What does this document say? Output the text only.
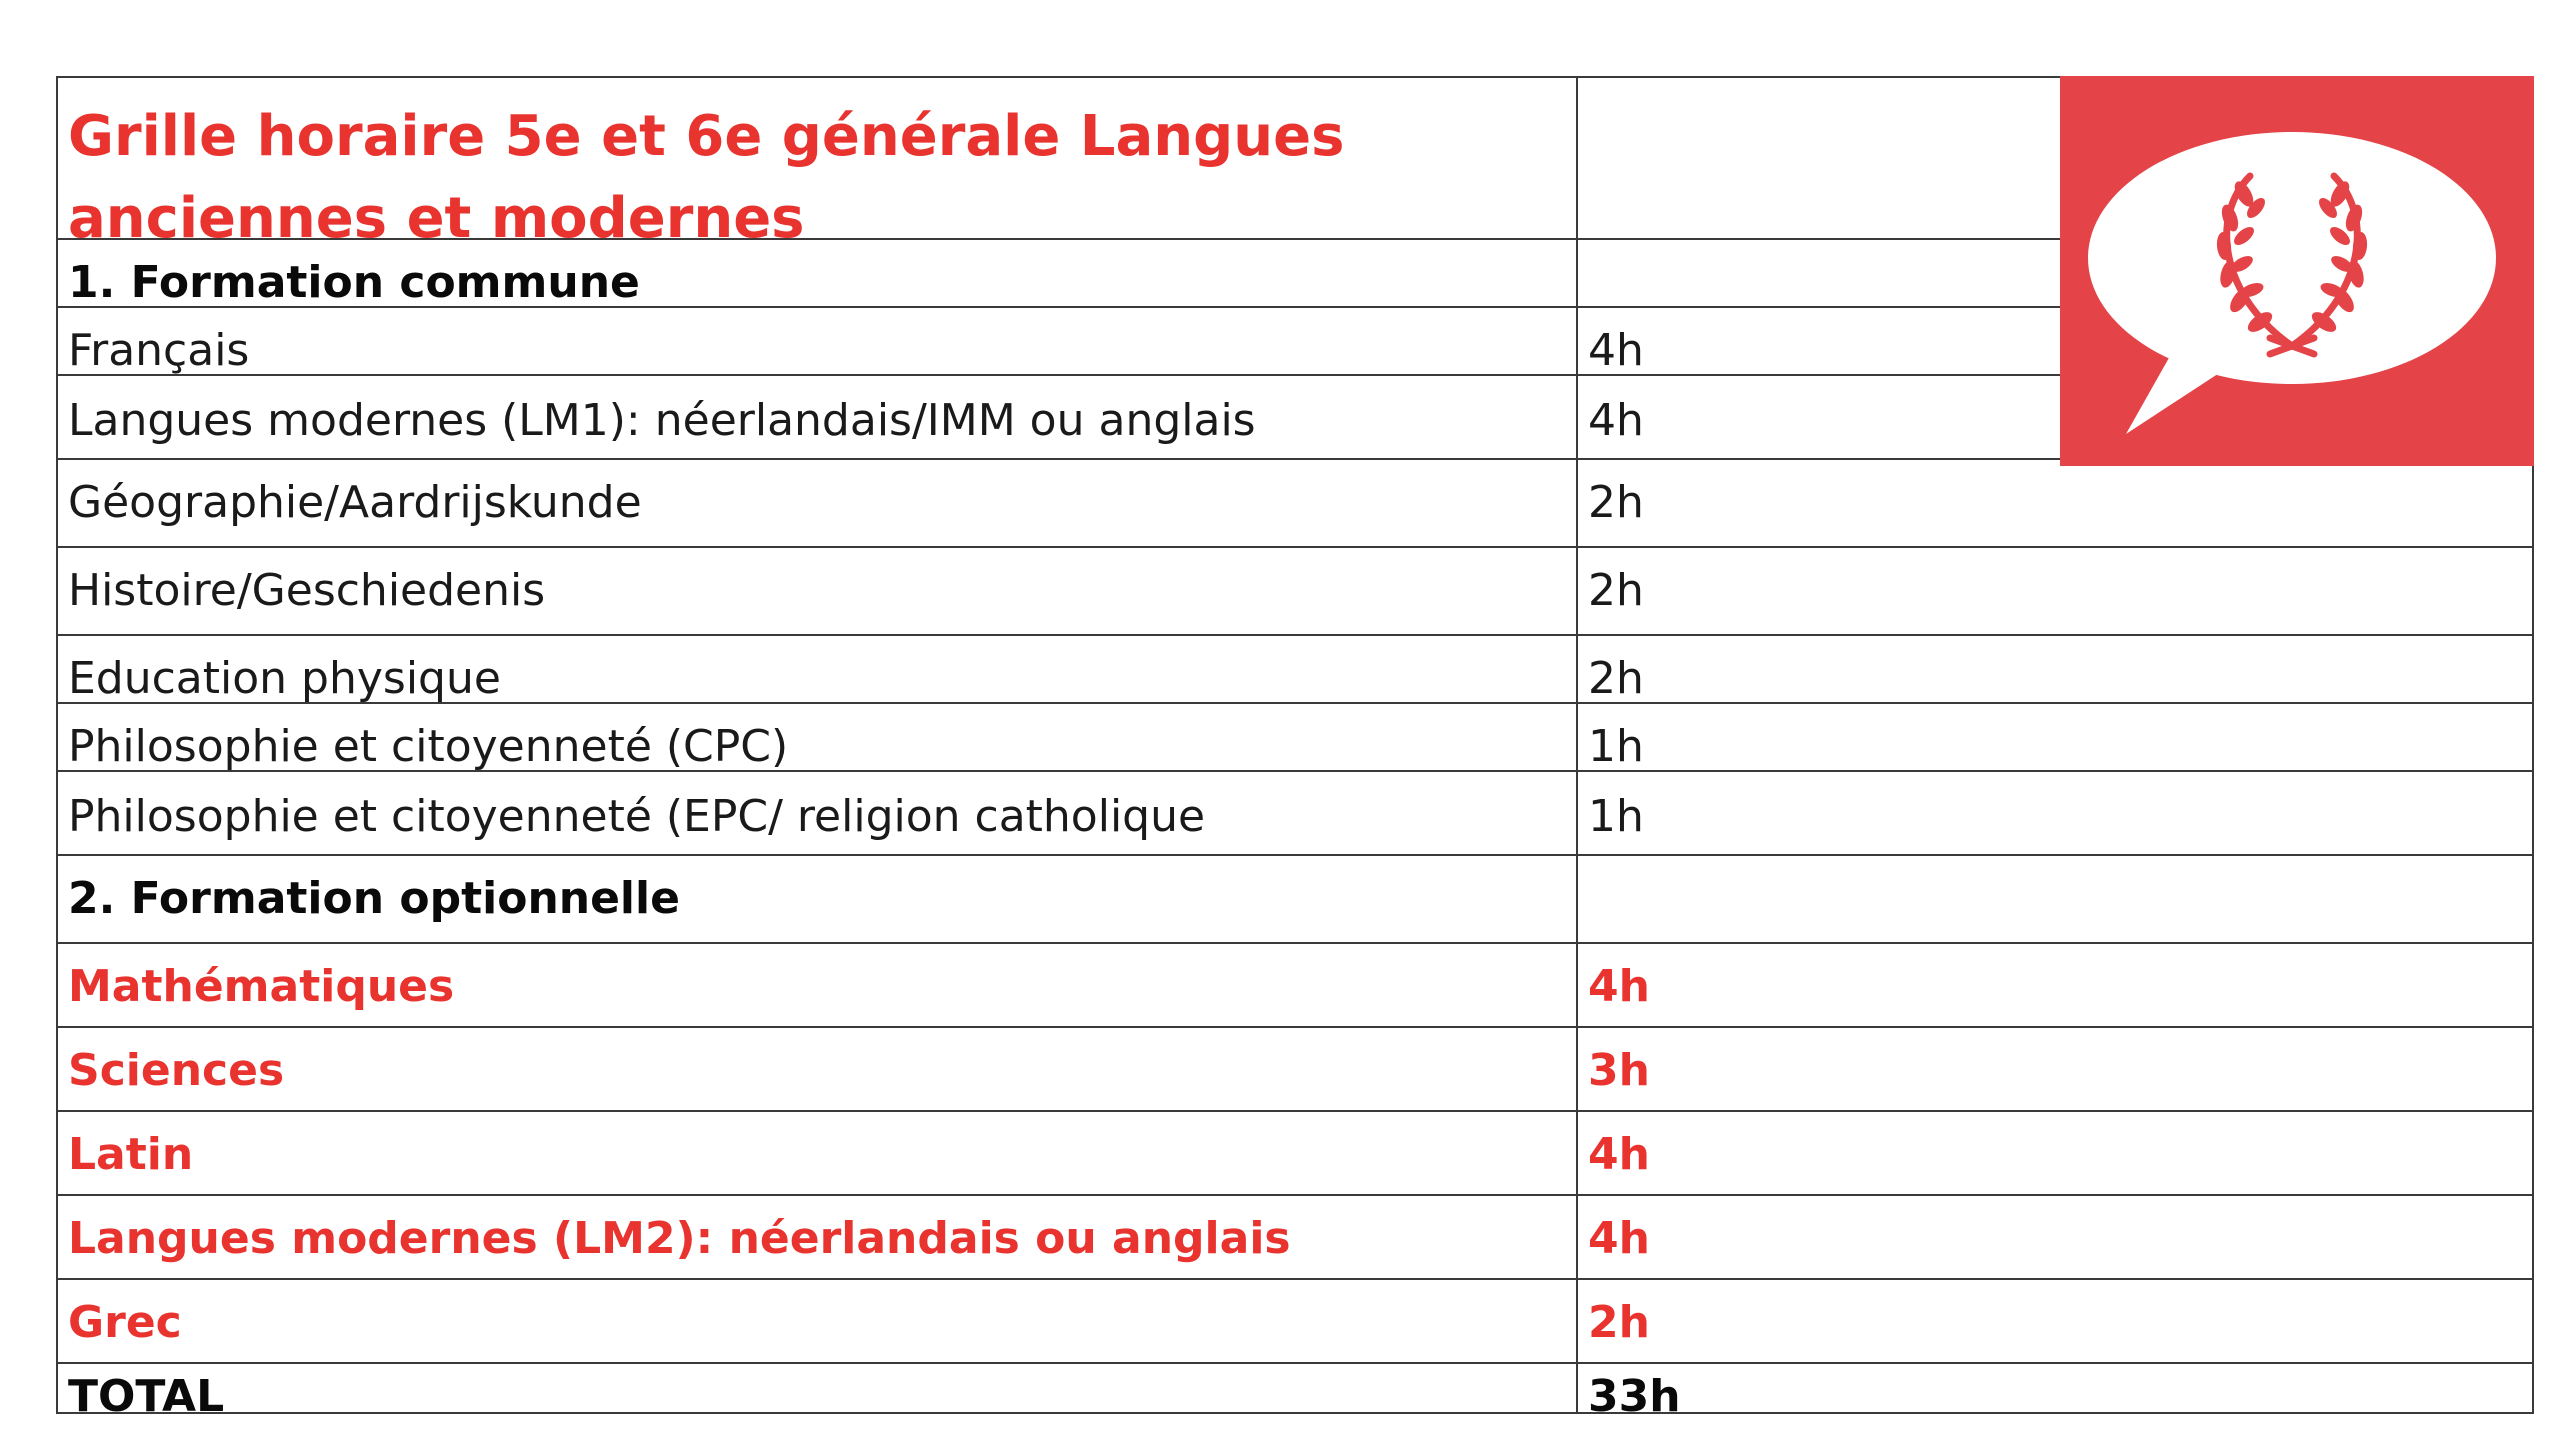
Grille horaire 5e et 6e générale Langues
anciennes et modernes
1. Formation commune
Français	4h
Langues modernes (LM1): néerlandais/IMM ou anglais	4h
Géographie/Aardrijskunde	2h
Histoire/Geschiedenis	2h
Education physique	2h
Philosophie et citoyenneté (CPC)	1h
Philosophie et citoyenneté (EPC/ religion catholique	1h
2. Formation optionnelle
Mathématiques	4h
Sciences	3h
Latin	4h
Langues modernes (LM2): néerlandais ou anglais	4h
Grec	2h
TOTAL	33h
